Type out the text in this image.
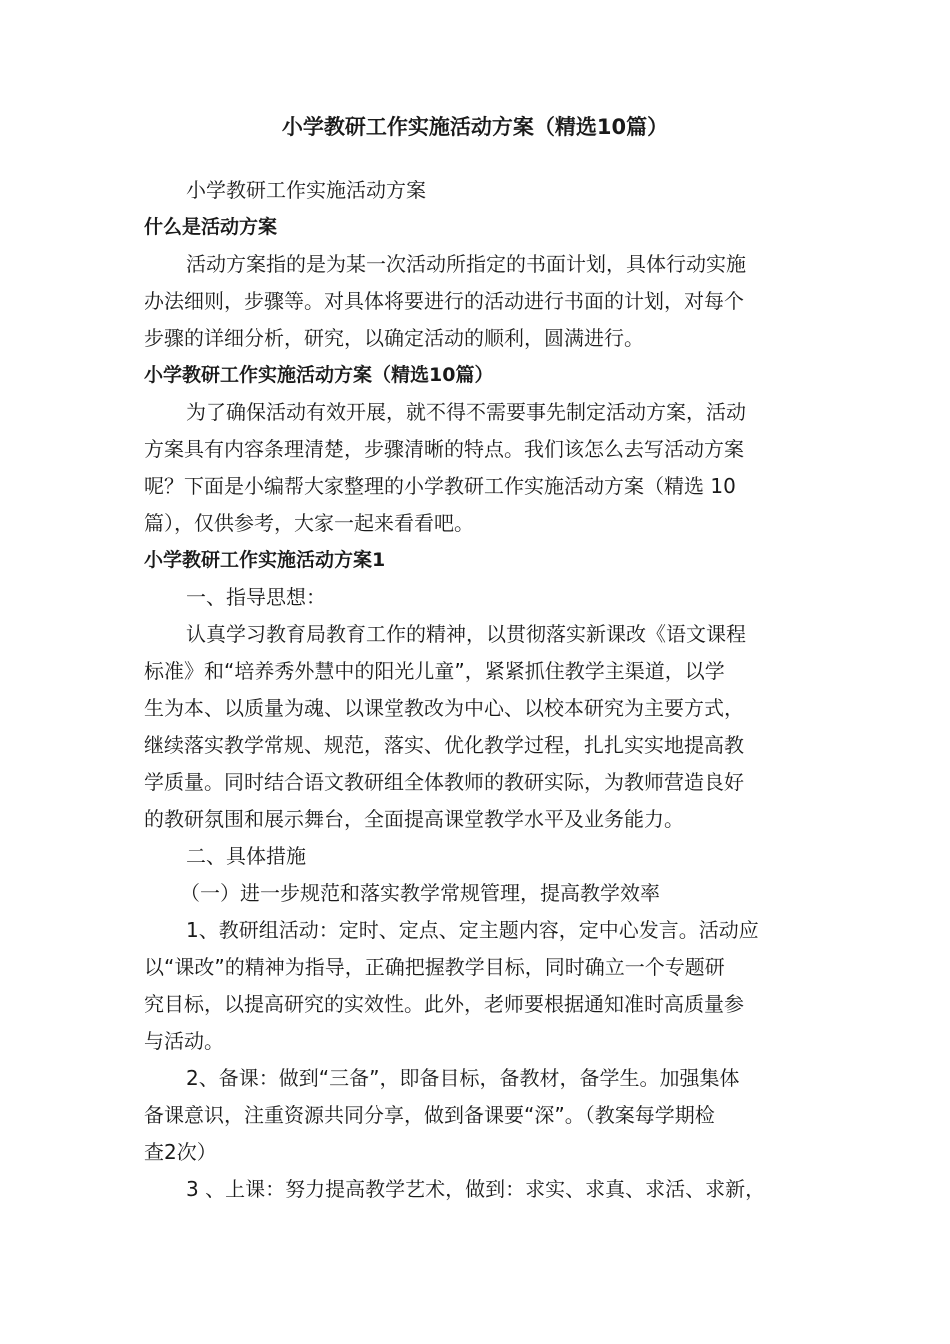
小学教研工作实施活动方案（精选10篇）
小学教研工作实施活动方案
什么是活动方案
活动方案指的是为某一次活动所指定的书面计划，具体行动实施
办法细则，步骤等。对具体将要进行的活动进行书面的计划，对每个
步骤的详细分析，研究，以确定活动的顺利，圆满进行。
小学教研工作实施活动方案（精选10篇）
为了确保活动有效开展，就不得不需要事先制定活动方案，活动
方案具有内容条理清楚，步骤清晰的特点。我们该怎么去写活动方案
呢？下面是小编帮大家整理的小学教研工作实施活动方案（精选 10
篇），仅供参考，大家一起来看看吧。
小学教研工作实施活动方案1
一、指导思想：
认真学习教育局教育工作的精神，以贯彻落实新课改《语文课程
标准》和“培养秀外慧中的阳光儿童”，紧紧抓住教学主渠道，以学
生为本、以质量为魂、以课堂教改为中心、以校本研究为主要方式，
继续落实教学常规、规范，落实、优化教学过程，扎扎实实地提高教
学质量。同时结合语文教研组全体教师的教研实际，为教师营造良好
的教研氛围和展示舞台，全面提高课堂教学水平及业务能力。
二、具体措施
（一）进一步规范和落实教学常规管理，提高教学效率
1、教研组活动：定时、定点、定主题内容，定中心发言。活动应
以“课改”的精神为指导，正确把握教学目标，同时确立一个专题研
究目标，以提高研究的实效性。此外，老师要根据通知准时高质量参
与活动。
2、备课：做到“三备”，即备目标，备教材，备学生。加强集体
备课意识，注重资源共同分享，做到备课要“深”。（教案每学期检
查2次）
3 、上课：努力提高教学艺术，做到：求实、求真、求活、求新，
